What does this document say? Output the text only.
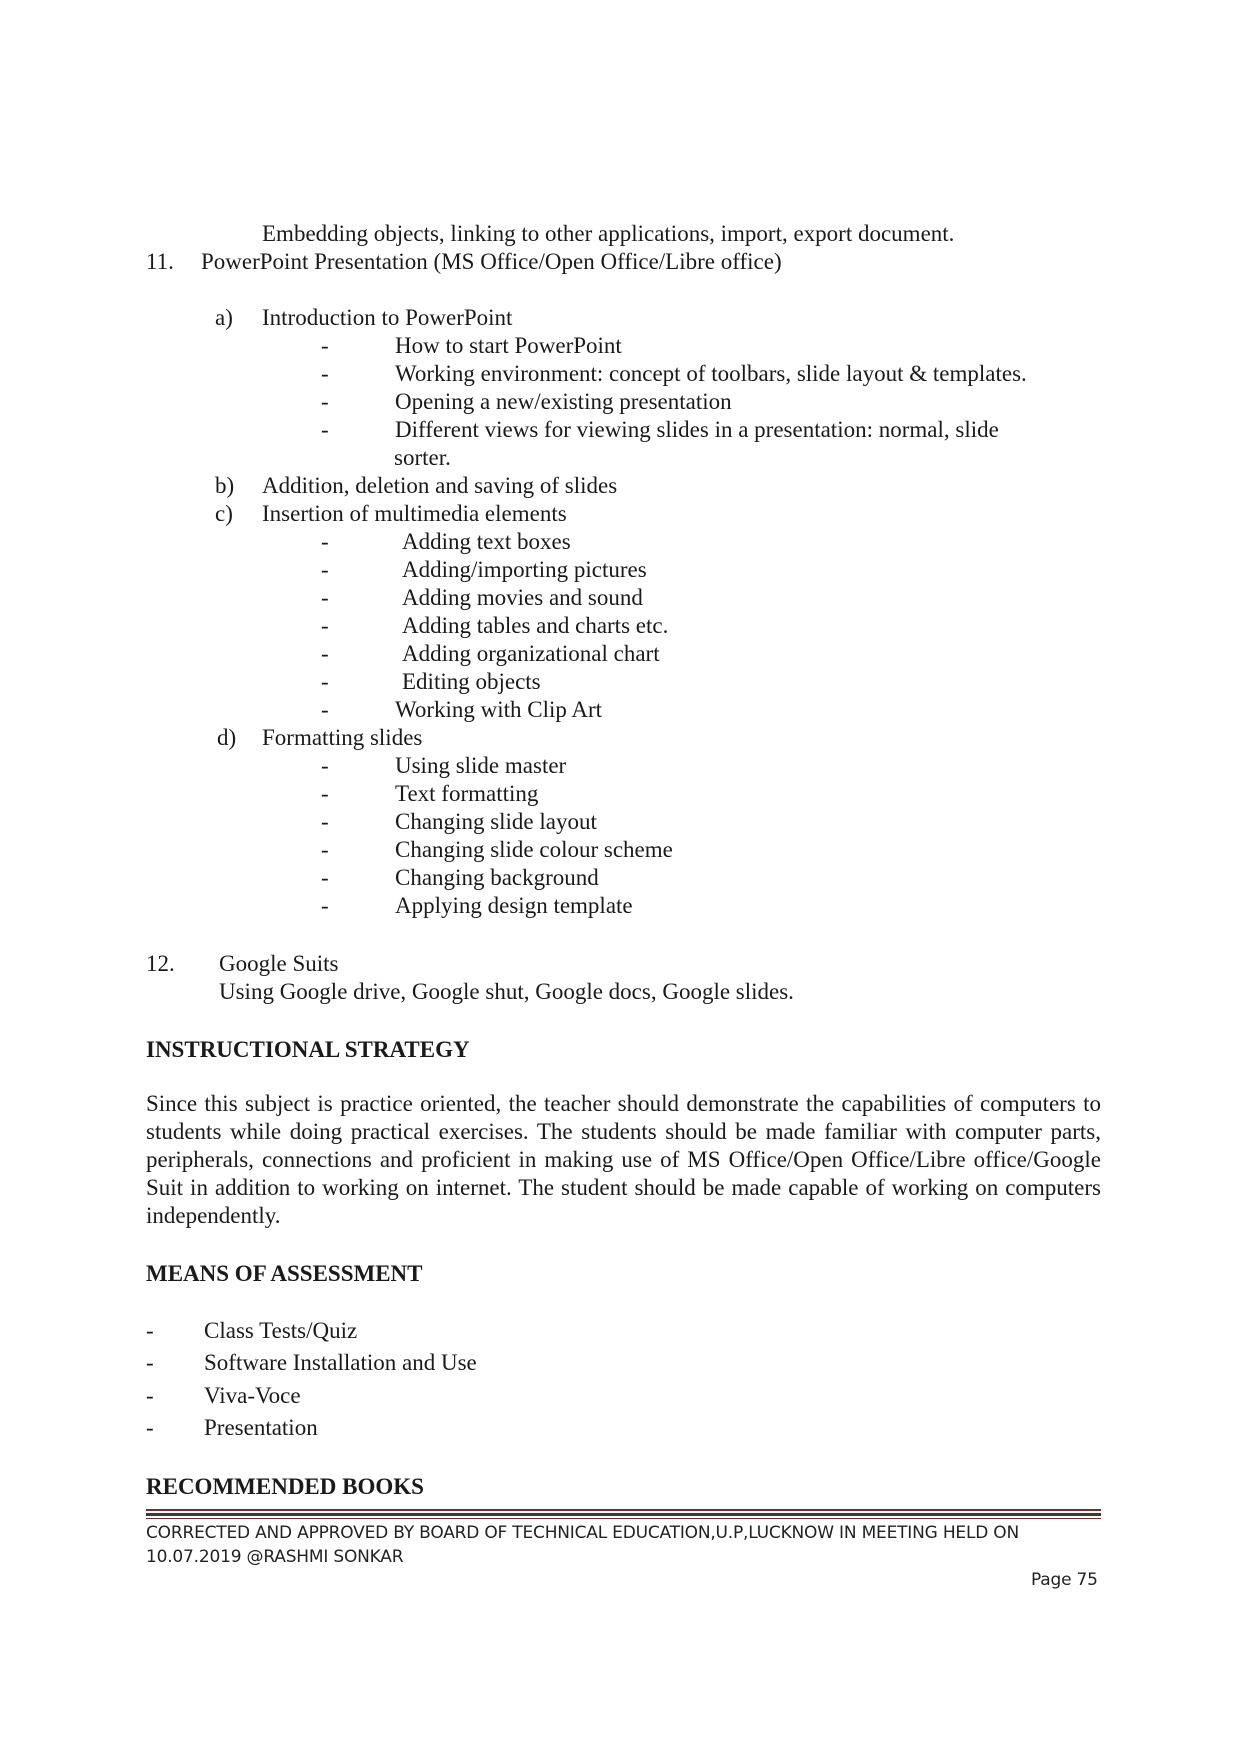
Embedding objects, linking to other applications, import, export document.
11. PowerPoint Presentation (MS Office/Open Office/Libre office)
a) Introduction to PowerPoint
-	How to start PowerPoint
-	Working environment: concept of toolbars, slide layout & templates.
-	Opening a new/existing presentation
-	Different views for viewing slides in a presentation: normal, slide
sorter.
b) Addition, deletion and saving of slides
c) Insertion of multimedia elements
-	Adding text boxes
-	Adding/importing pictures
-	Adding movies and sound
-	Adding tables and charts etc.
-	Adding organizational chart
-	Editing objects
-	Working with Clip Art
d) Formatting slides
-	Using slide master
-	Text formatting
-	Changing slide layout
-	Changing slide colour scheme
-	Changing background
-	Applying design template
12. Google Suits
Using Google drive, Google shut, Google docs, Google slides.
INSTRUCTIONAL STRATEGY
Since this subject is practice oriented, the teacher should demonstrate the capabilities of computers to students while doing practical exercises. The students should be made familiar with computer parts, peripherals, connections and proficient in making use of MS Office/Open Office/Libre office/Google Suit in addition to working on internet. The student should be made capable of working on computers independently.
MEANS OF ASSESSMENT
- Class Tests/Quiz
- Software Installation and Use
- Viva-Voce
- Presentation
RECOMMENDED BOOKS
CORRECTED AND APPROVED BY BOARD OF TECHNICAL EDUCATION,U.P,LUCKNOW IN MEETING HELD ON
10.07.2019 @RASHMI SONKAR
Page 75
